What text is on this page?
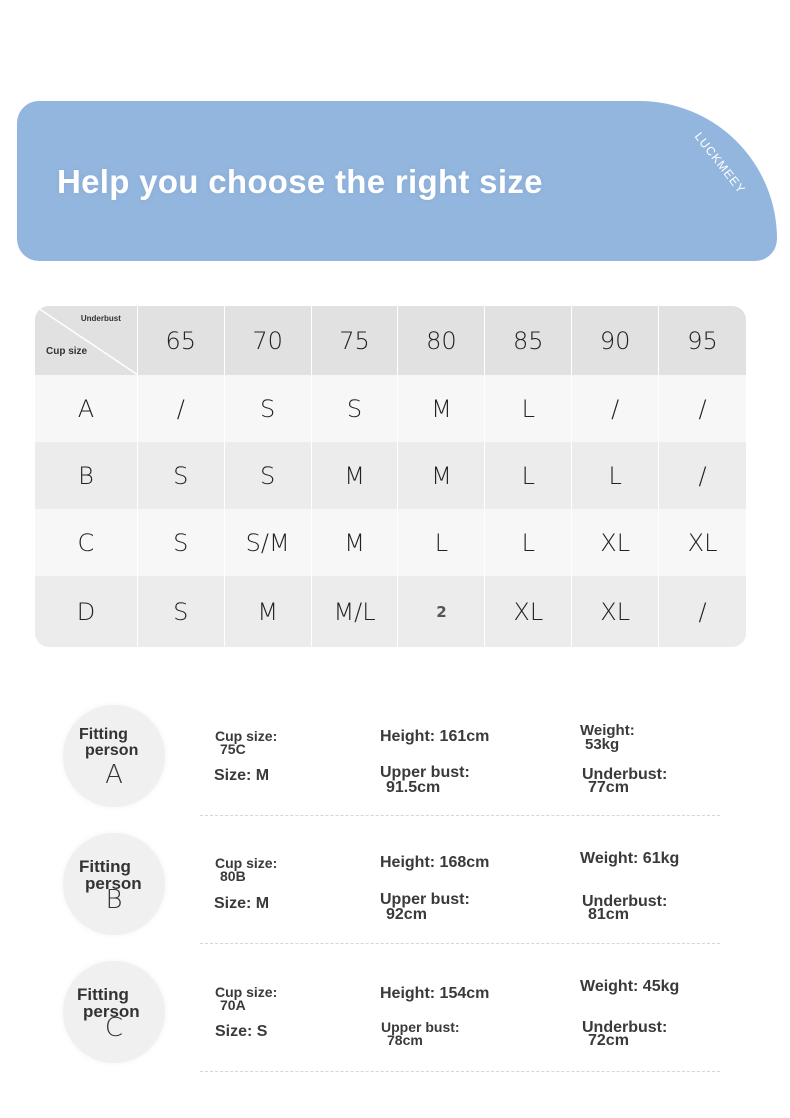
Help you choose the right size	LUCKMEEY
Underbust
Cup size	65	70	75	80	85	90	95
A	/	S	S	M	L	/	/
B	S	S	M	M	L	L	/
C	S	S/M	M	L	L	XL	XL
D	S	M	M/L	2	XL	XL	/
Fitting
person
A
Cup size:
75C
Size: M
Height: 161cm
Upper bust:
91.5cm
Weight:
53kg
Underbust:
77cm
Fitting
person
B
Cup size:
80B
Size: M
Height: 168cm
Upper bust:
92cm
Weight: 61kg
Underbust:
81cm
Fitting
person
C
Cup size:
70A
Size: S
Height: 154cm
Upper bust:
78cm
Weight: 45kg
Underbust:
72cm
